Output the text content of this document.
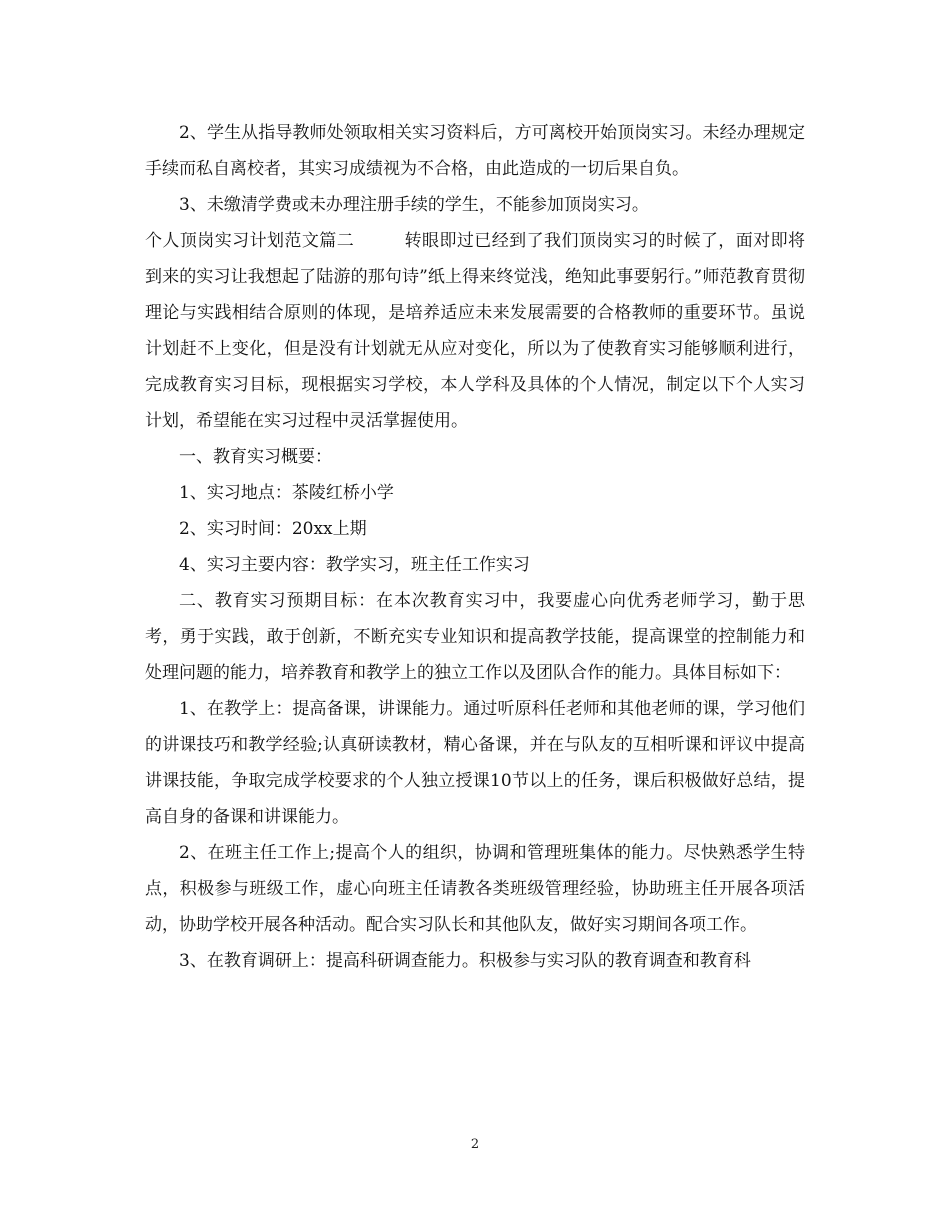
2、学生从指导教师处领取相关实习资料后，方可离校开始顶岗实习。未经办理规定手续而私自离校者，其实习成绩视为不合格，由此造成的一切后果自负。

3、未缴清学费或未办理注册手续的学生，不能参加顶岗实习。

个人顶岗实习计划范文篇二	转眼即过已经到了我们顶岗实习的时候了，面对即将到来的实习让我想起了陆游的那句诗”纸上得来终觉浅，绝知此事要躬行。”师范教育贯彻理论与实践相结合原则的体现，是培养适应未来发展需要的合格教师的重要环节。虽说计划赶不上变化，但是没有计划就无从应对变化，所以为了使教育实习能够顺利进行，完成教育实习目标，现根据实习学校，本人学科及具体的个人情况，制定以下个人实习计划，希望能在实习过程中灵活掌握使用。

一、教育实习概要：

1、实习地点：茶陵红桥小学

2、实习时间：20xx上期

4、实习主要内容：教学实习，班主任工作实习

二、教育实习预期目标：在本次教育实习中，我要虚心向优秀老师学习，勤于思考，勇于实践，敢于创新，不断充实专业知识和提高教学技能，提高课堂的控制能力和处理问题的能力，培养教育和教学上的独立工作以及团队合作的能力。具体目标如下：

1、在教学上：提高备课，讲课能力。通过听原科任老师和其他老师的课，学习他们的讲课技巧和教学经验;认真研读教材，精心备课，并在与队友的互相听课和评议中提高讲课技能，争取完成学校要求的个人独立授课10节以上的任务，课后积极做好总结，提高自身的备课和讲课能力。

2、在班主任工作上;提高个人的组织，协调和管理班集体的能力。尽快熟悉学生特点，积极参与班级工作，虚心向班主任请教各类班级管理经验，协助班主任开展各项活动，协助学校开展各种活动。配合实习队长和其他队友，做好实习期间各项工作。

3、在教育调研上：提高科研调查能力。积极参与实习队的教育调查和教育科

2
